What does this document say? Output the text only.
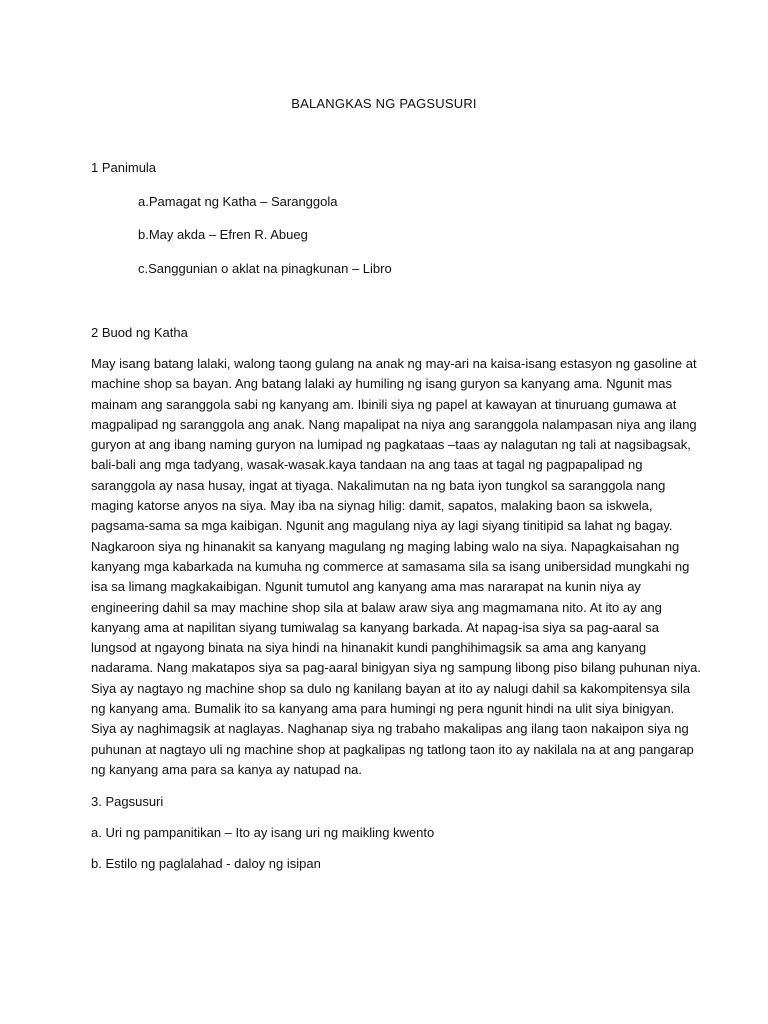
BALANGKAS NG PAGSUSURI
1 Panimula
a.Pamagat ng Katha – Saranggola
b.May akda – Efren R. Abueg
c.Sanggunian o aklat na pinagkunan – Libro
2 Buod ng Katha

May isang batang lalaki, walong taong gulang na anak ng may-ari na kaisa-isang estasyon ng gasoline at
machine shop sa bayan. Ang batang lalaki ay humiling ng isang guryon sa kanyang ama. Ngunit mas
mainam ang saranggola sabi ng kanyang am. Ibinili siya ng papel at kawayan at tinuruang gumawa at
magpalipad ng saranggola ang anak. Nang mapalipat na niya ang saranggola nalampasan niya ang ilang
guryon at ang ibang naming guryon na lumipad ng pagkataas –taas ay nalagutan ng tali at nagsibagsak,
bali-bali ang mga tadyang, wasak-wasak.kaya tandaan na ang taas at tagal ng pagpapalipad ng
saranggola ay nasa husay, ingat at tiyaga. Nakalimutan na ng bata iyon tungkol sa saranggola nang
maging katorse anyos na siya. May iba na siynag hilig: damit, sapatos, malaking baon sa iskwela,
pagsama-sama sa mga kaibigan. Ngunit ang magulang niya ay lagi siyang tinitipid sa lahat ng bagay.
Nagkaroon siya ng hinanakit sa kanyang magulang ng maging labing walo na siya. Napagkaisahan ng
kanyang mga kabarkada na kumuha ng commerce at samasama sila sa isang unibersidad mungkahi ng
isa sa limang magkakaibigan. Ngunit tumutol ang kanyang ama mas nararapat na kunin niya ay
engineering dahil sa may machine shop sila at balaw araw siya ang magmamana nito. At ito ay ang
kanyang ama at napilitan siyang tumiwalag sa kanyang barkada. At napag-isa siya sa pag-aaral sa
lungsod at ngayong binata na siya hindi na hinanakit kundi panghihimagsik sa ama ang kanyang
nadarama. Nang makatapos siya sa pag-aaral binigyan siya ng sampung libong piso bilang puhunan niya.
Siya ay nagtayo ng machine shop sa dulo ng kanilang bayan at ito ay nalugi dahil sa kakompitensya sila
ng kanyang ama. Bumalik ito sa kanyang ama para humingi ng pera ngunit hindi na ulit siya binigyan.
Siya ay naghimagsik at naglayas. Naghanap siya ng trabaho makalipas ang ilang taon nakaipon siya ng
puhunan at nagtayo uli ng machine shop at pagkalipas ng tatlong taon ito ay nakilala na at ang pangarap
ng kanyang ama para sa kanya ay natupad na.

3. Pagsusuri
a. Uri ng pampanitikan – Ito ay isang uri ng maikling kwento
b. Estilo ng paglalahad - daloy ng isipan
